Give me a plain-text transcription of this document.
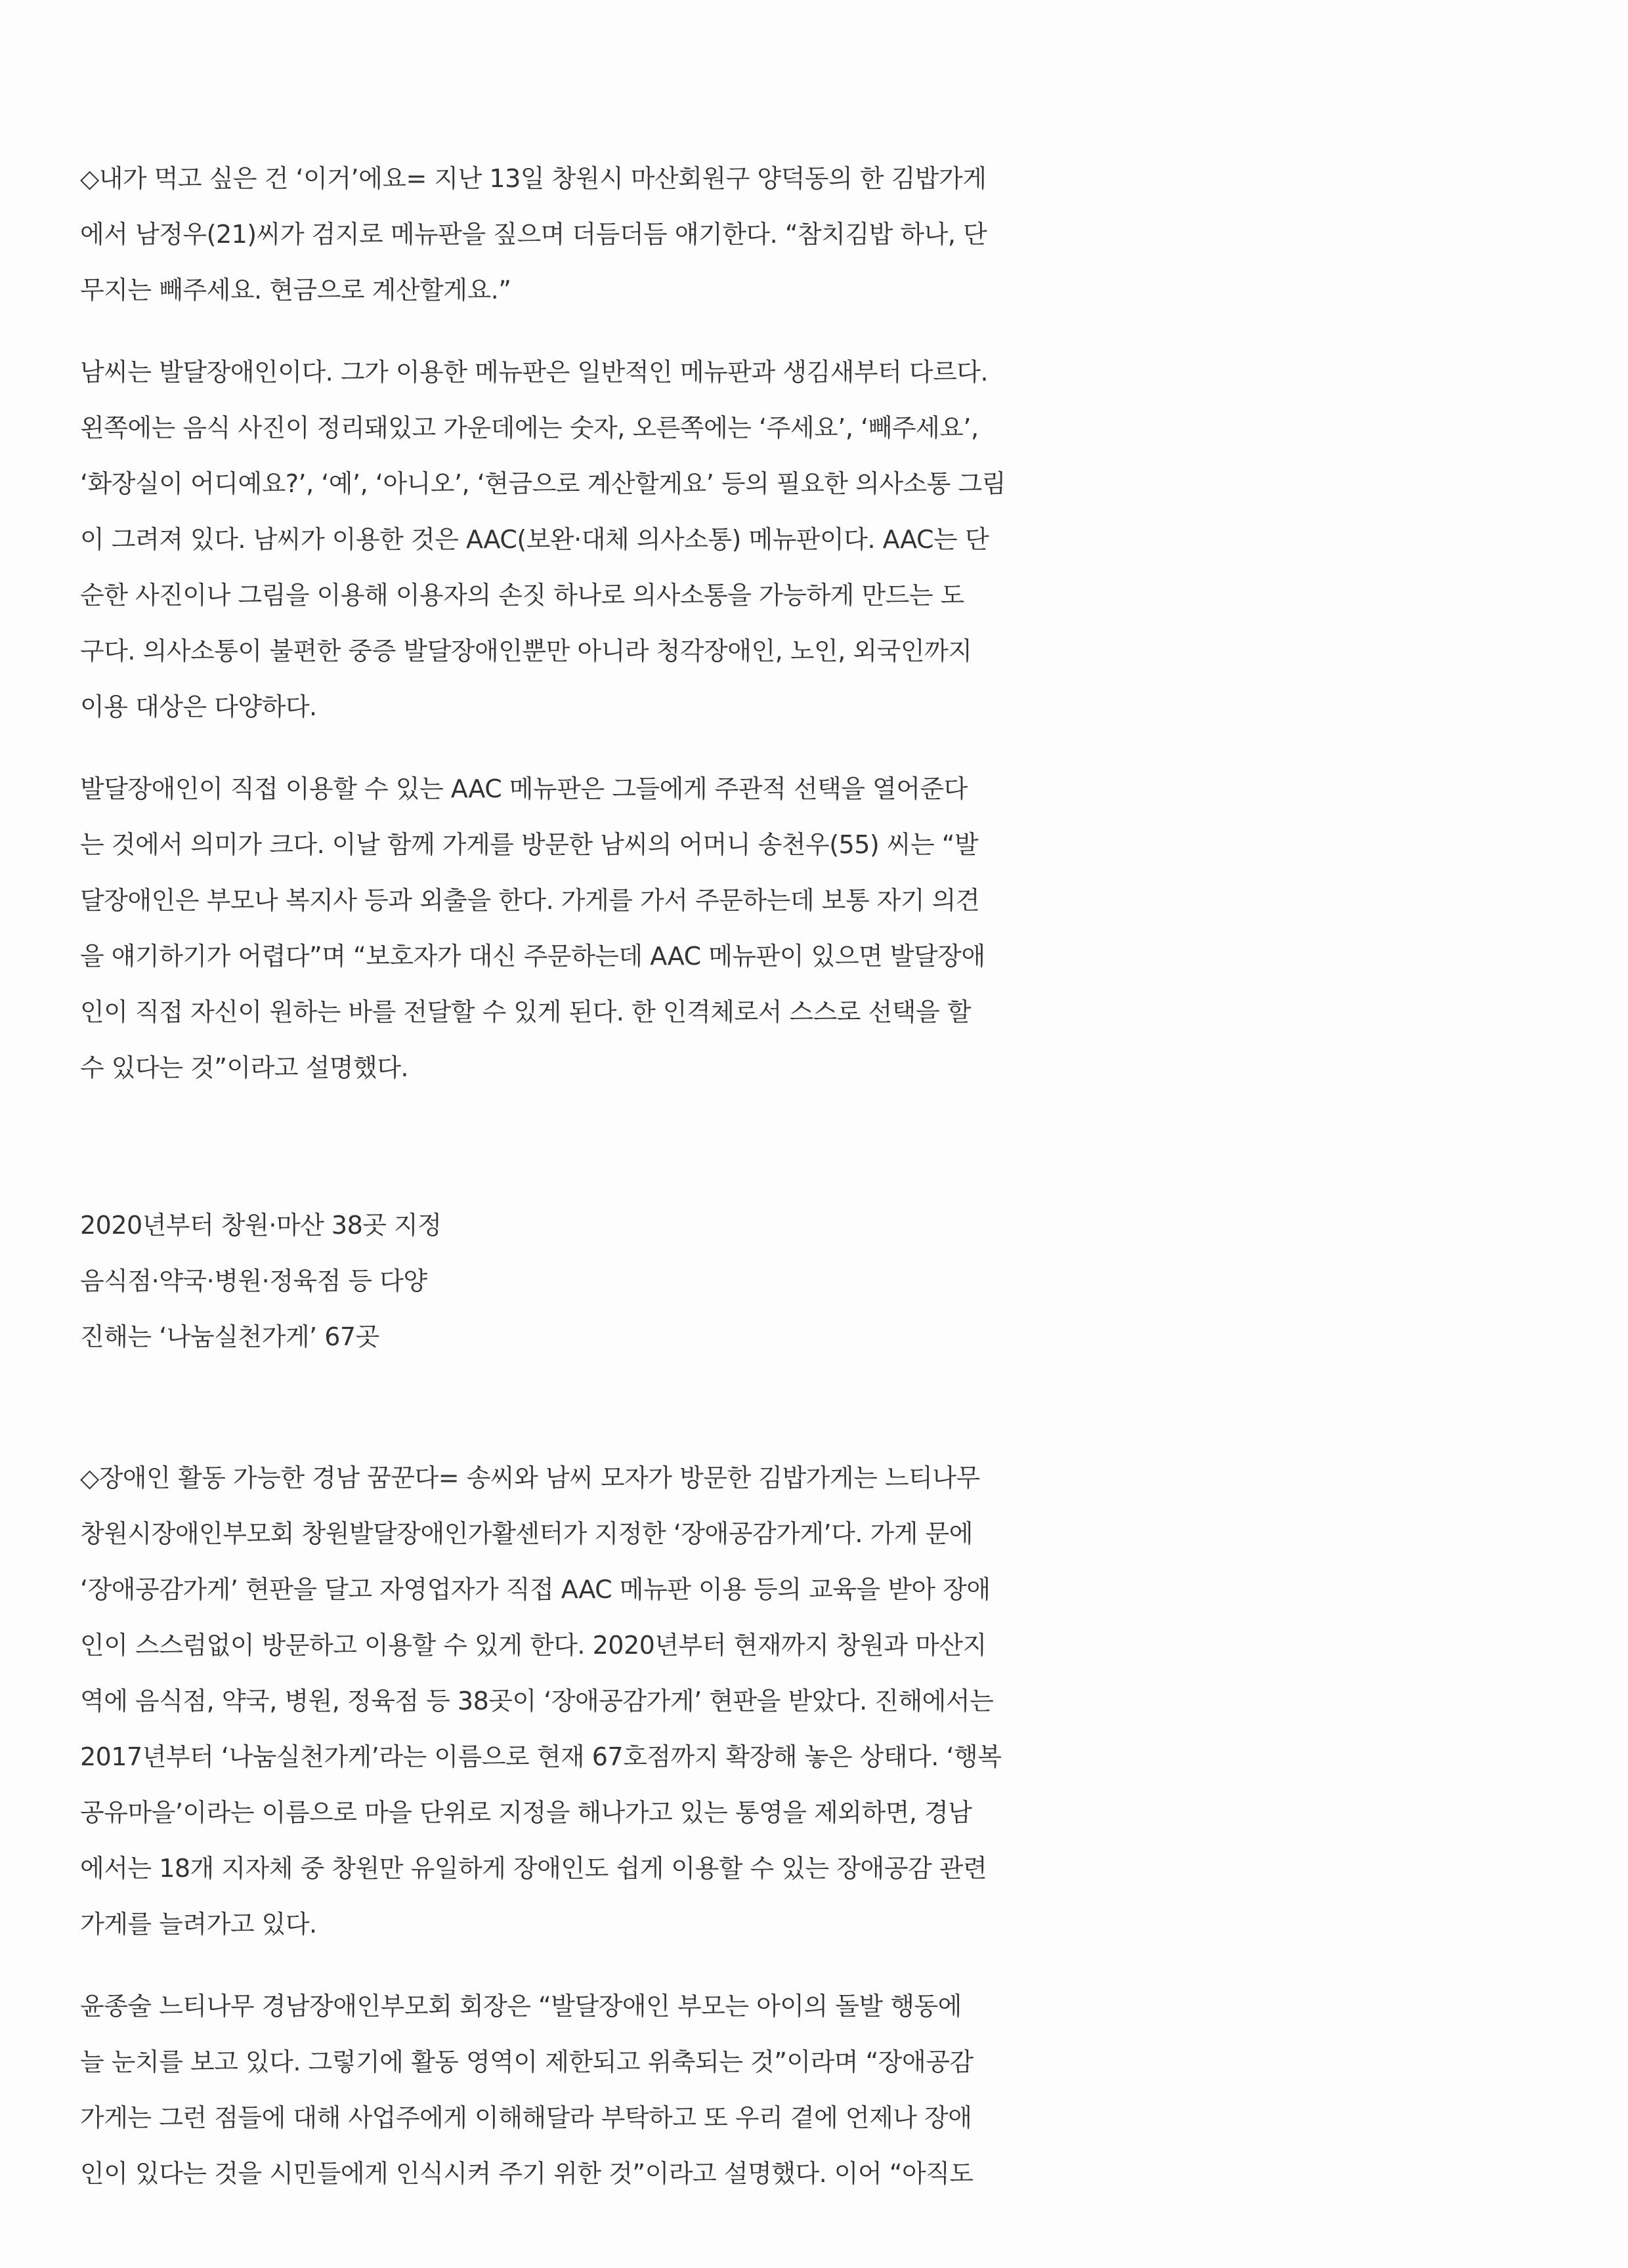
◇내가 먹고 싶은 건 ‘이거’에요= 지난 13일 창원시 마산회원구 양덕동의 한 김밥가게
에서 남정우(21)씨가 검지로 메뉴판을 짚으며 더듬더듬 얘기한다. “참치김밥 하나, 단
무지는 빼주세요. 현금으로 계산할게요.”
남씨는 발달장애인이다. 그가 이용한 메뉴판은 일반적인 메뉴판과 생김새부터 다르다.
왼쪽에는 음식 사진이 정리돼있고 가운데에는 숫자, 오른쪽에는 ‘주세요’, ‘빼주세요’,
‘화장실이 어디예요?’, ‘예’, ‘아니오’, ‘현금으로 계산할게요’ 등의 필요한 의사소통 그림
이 그려져 있다. 남씨가 이용한 것은 AAC(보완·대체 의사소통) 메뉴판이다. AAC는 단
순한 사진이나 그림을 이용해 이용자의 손짓 하나로 의사소통을 가능하게 만드는 도
구다. 의사소통이 불편한 중증 발달장애인뿐만 아니라 청각장애인, 노인, 외국인까지
이용 대상은 다양하다.
발달장애인이 직접 이용할 수 있는 AAC 메뉴판은 그들에게 주관적 선택을 열어준다
는 것에서 의미가 크다. 이날 함께 가게를 방문한 남씨의 어머니 송천우(55) 씨는 “발
달장애인은 부모나 복지사 등과 외출을 한다. 가게를 가서 주문하는데 보통 자기 의견
을 얘기하기가 어렵다”며 “보호자가 대신 주문하는데 AAC 메뉴판이 있으면 발달장애
인이 직접 자신이 원하는 바를 전달할 수 있게 된다. 한 인격체로서 스스로 선택을 할
수 있다는 것”이라고 설명했다.
2020년부터 창원·마산 38곳 지정
음식점·약국·병원·정육점 등 다양
진해는 ‘나눔실천가게’ 67곳
◇장애인 활동 가능한 경남 꿈꾼다= 송씨와 남씨 모자가 방문한 김밥가게는 느티나무
창원시장애인부모회 창원발달장애인가활센터가 지정한 ‘장애공감가게’다. 가게 문에
‘장애공감가게’ 현판을 달고 자영업자가 직접 AAC 메뉴판 이용 등의 교육을 받아 장애
인이 스스럼없이 방문하고 이용할 수 있게 한다. 2020년부터 현재까지 창원과 마산지
역에 음식점, 약국, 병원, 정육점 등 38곳이 ‘장애공감가게’ 현판을 받았다. 진해에서는
2017년부터 ‘나눔실천가게’라는 이름으로 현재 67호점까지 확장해 놓은 상태다. ‘행복
공유마을’이라는 이름으로 마을 단위로 지정을 해나가고 있는 통영을 제외하면, 경남
에서는 18개 지자체 중 창원만 유일하게 장애인도 쉽게 이용할 수 있는 장애공감 관련
가게를 늘려가고 있다.
윤종술 느티나무 경남장애인부모회 회장은 “발달장애인 부모는 아이의 돌발 행동에
늘 눈치를 보고 있다. 그렇기에 활동 영역이 제한되고 위축되는 것”이라며 “장애공감
가게는 그런 점들에 대해 사업주에게 이해해달라 부탁하고 또 우리 곁에 언제나 장애
인이 있다는 것을 시민들에게 인식시켜 주기 위한 것”이라고 설명했다. 이어 “아직도
